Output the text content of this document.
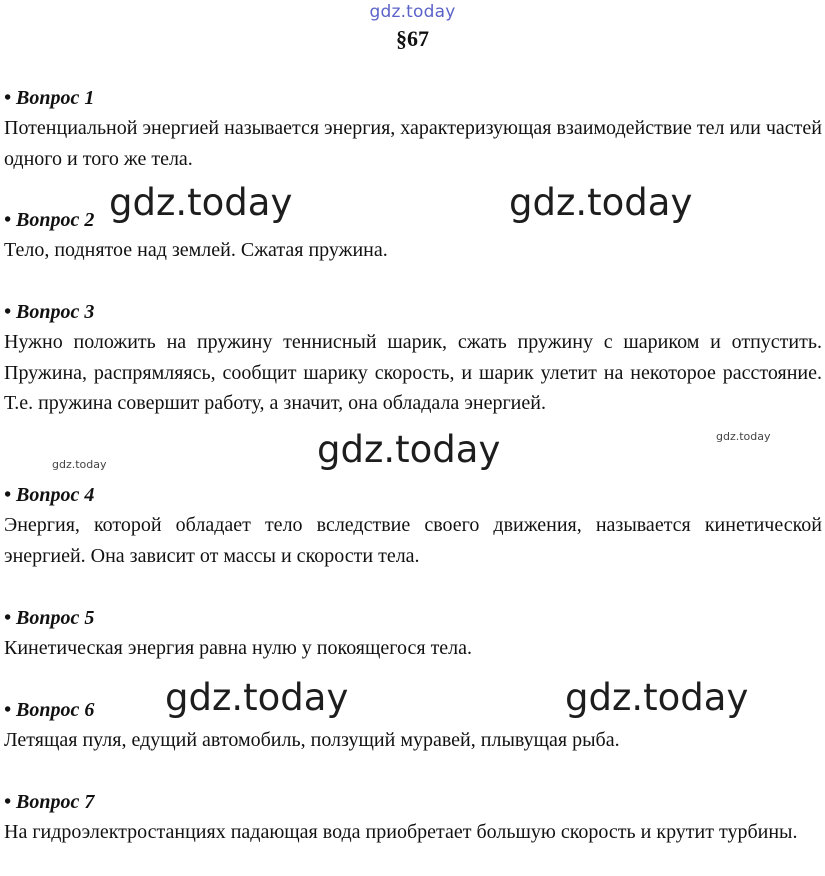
gdz.today
§67
• Вопрос 1
Потенциальной энергией называется энергия, характеризующая взаимодействие тел или частей одного и того же тела.
• Вопрос 2
Тело, поднятое над землей. Сжатая пружина.
• Вопрос 3
Нужно положить на пружину теннисный шарик, сжать пружину с шариком и отпустить. Пружина, распрямляясь, сообщит шарику скорость, и шарик улетит на некоторое расстояние. Т.е. пружина совершит работу, а значит, она обладала энергией.
• Вопрос 4
Энергия, которой обладает тело вследствие своего движения, называется кинетической энергией. Она зависит от массы и скорости тела.
• Вопрос 5
Кинетическая энергия равна нулю у покоящегося тела.
• Вопрос 6
Летящая пуля, едущий автомобиль, ползущий муравей, плывущая рыба.
• Вопрос 7
На гидроэлектростанциях падающая вода приобретает большую скорость и крутит турбины.
gdz.today	gdz.today
gdz.today
gdz.today	gdz.today
gdz.today
gdz.today
